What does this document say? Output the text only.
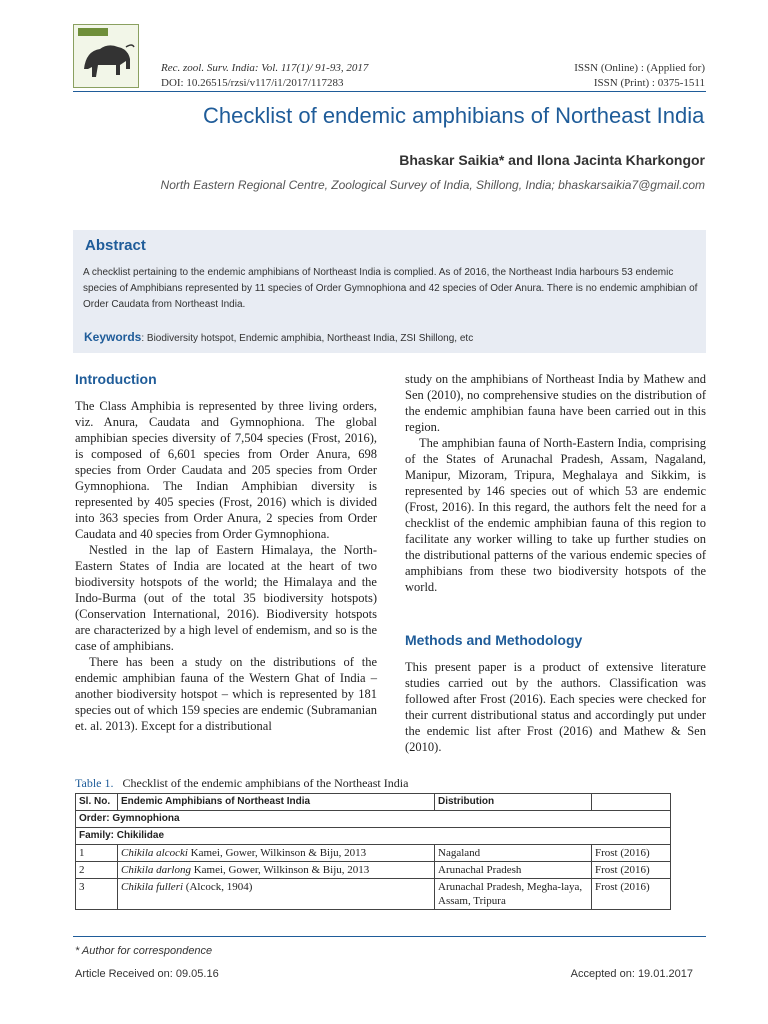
Rec. zool. Surv. India: Vol. 117(1)/ 91-93, 2017
DOI: 10.26515/rzsi/v117/i1/2017/117283
ISSN (Online) : (Applied for)
ISSN (Print) : 0375-1511
Checklist of endemic amphibians of Northeast India
Bhaskar Saikia* and Ilona Jacinta Kharkongor
North Eastern Regional Centre, Zoological Survey of India, Shillong, India; bhaskarsaikia7@gmail.com
Abstract
A checklist pertaining to the endemic amphibians of Northeast India is complied. As of 2016, the Northeast India harbours 53 endemic species of Amphibians represented by 11 species of Order Gymnophiona and 42 species of Oder Anura. There is no endemic amphibian of Order Caudata from Northeast India.
Keywords: Biodiversity hotspot, Endemic amphibia, Northeast India, ZSI Shillong, etc
Introduction

The Class Amphibia is represented by three living orders, viz. Anura, Caudata and Gymnophiona. The global amphibian species diversity of 7,504 species (Frost, 2016), is composed of 6,601 species from Order Anura, 698 species from Order Caudata and 205 species from Order Gymnophiona. The Indian Amphibian diversity is represented by 405 species (Frost, 2016) which is divided into 363 species from Order Anura, 2 species from Order Caudata and 40 species from Order Gymnophiona.

Nestled in the lap of Eastern Himalaya, the North-Eastern States of India are located at the heart of two biodiversity hotspots of the world; the Himalaya and the Indo-Burma (out of the total 35 biodiversity hotspots) (Conservation International, 2016). Biodiversity hotspots are characterized by a high level of endemism, and so is the case of amphibians.

There has been a study on the distributions of the endemic amphibian fauna of the Western Ghat of India – another biodiversity hotspot – which is represented by 181 species out of which 159 species are endemic (Subramanian et. al. 2013). Except for a distributional

study on the amphibians of Northeast India by Mathew and Sen (2010), no comprehensive studies on the distribution of the endemic amphibian fauna have been carried out in this region.

The amphibian fauna of North-Eastern India, comprising of the States of Arunachal Pradesh, Assam, Nagaland, Manipur, Mizoram, Tripura, Meghalaya and Sikkim, is represented by 146 species out of which 53 are endemic (Frost, 2016). In this regard, the authors felt the need for a checklist of the endemic amphibian fauna of this region to facilitate any worker willing to take up further studies on the distributional patterns of the various endemic species of amphibians from these two biodiversity hotspots of the world.

Methods and Methodology

This present paper is a product of extensive literature studies carried out by the authors. Classification was followed after Frost (2016). Each species were checked for their current distributional status and accordingly put under the endemic list after Frost (2016) and Mathew & Sen (2010).

Table 1. Checklist of the endemic amphibians of the Northeast India
Sl. No.	Endemic Amphibians of Northeast India	Distribution	
Order: Gymnophiona			
Family: Chikilidae			
1	Chikila alcocki Kamei, Gower, Wilkinson & Biju, 2013	Nagaland	Frost (2016)
2	Chikila darlong Kamei, Gower, Wilkinson & Biju, 2013	Arunachal Pradesh	Frost (2016)
3	Chikila fulleri (Alcock, 1904)	Arunachal Pradesh, Megha-laya, Assam, Tripura	Frost (2016)
* Author for correspondence
Article Received on: 09.05.16	Accepted on: 19.01.2017
